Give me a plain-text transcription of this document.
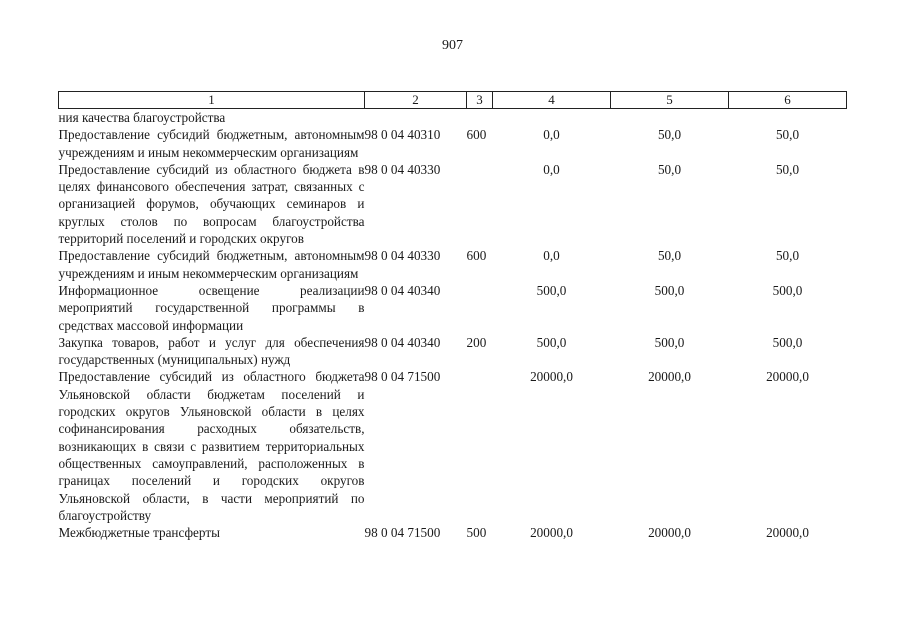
907
1	2	3	4	5	6
ния качества благоустройства					
Предоставление субсидий бюджетным, автономным учреждениям и иным некоммерческим организациям	98 0 04 40310	600	0,0	50,0	50,0
Предоставление субсидий из областного бюджета в целях финансового обеспечения затрат, связанных с организацией форумов, обучающих семинаров и круглых столов по вопросам благоустройства территорий поселений и городских округов	98 0 04 40330		0,0	50,0	50,0
Предоставление субсидий бюджетным, автономным учреждениям и иным некоммерческим организациям	98 0 04 40330	600	0,0	50,0	50,0
Информационное освещение реализации мероприятий государственной программы в средствах массовой информации	98 0 04 40340		500,0	500,0	500,0
Закупка товаров, работ и услуг для обеспечения государственных (муниципальных) нужд	98 0 04 40340	200	500,0	500,0	500,0
Предоставление субсидий из областного бюджета Ульяновской области бюджетам поселений и городских округов Ульяновской области в целях софинансирования расходных обязательств, возникающих в связи с развитием территориальных общественных самоуправлений, расположенных в границах поселений и городских округов Ульяновской области, в части мероприятий по благоустройству	98 0 04 71500		20000,0	20000,0	20000,0
Межбюджетные трансферты	98 0 04 71500	500	20000,0	20000,0	20000,0
